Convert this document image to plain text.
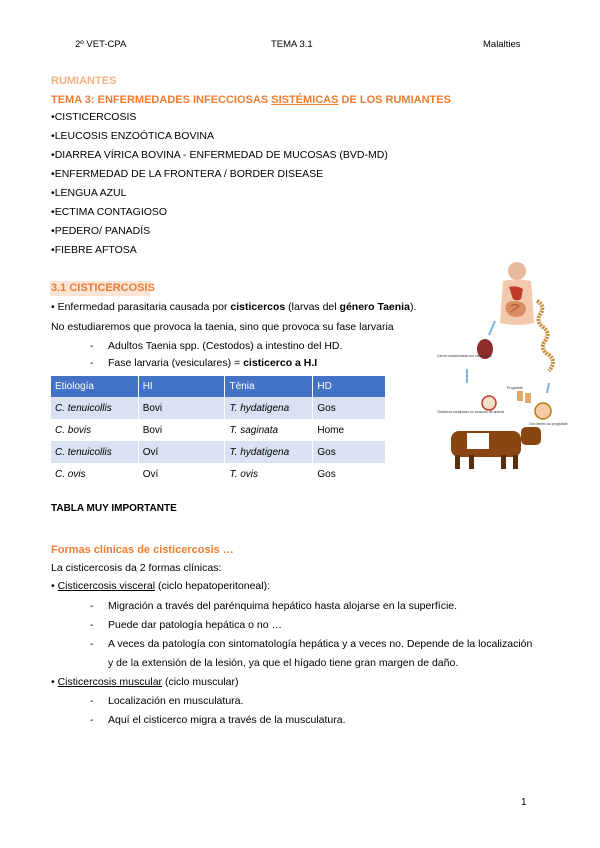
2º VET-CPA	TEMA 3.1	Malalties
RUMIANTES
TEMA 3: ENFERMEDADES INFECCIOSAS SISTÉMICAS DE LOS RUMIANTES
• CISTICERCOSIS
• LEUCOSIS ENZOÓTICA BOVINA
• DIARREA VÍRICA BOVINA - ENFERMEDAD DE MUCOSAS (BVD-MD)
• ENFERMEDAD DE LA FRONTERA / BORDER DISEASE
• LENGUA AZUL
• ECTIMA CONTAGIOSO
• PEDERO/ PANADÍS
• FIEBRE AFTOSA
3.1 CISTICERCOSIS
• Enfermedad parasitaria causada por cisticercos (larvas del género Taenia).
No estudiaremos que provoca la taenia, sino que provoca su fase larvaria
- Adultos Taenia spp. (Cestodos) a intestino del HD.
- Fase larvaria (vesiculares) = cisticerco a H.I
Etiología	HI	Tènia	HD
C. tenuicollis	Bovi	T. hydatigena	Gos
C. bovis	Bovi	T. saginata	Home
C. tenuicollis	Oví	T. hydatigena	Gos
C. ovis	Oví	T. ovis	Gos
TABLA MUY IMPORTANTE
Formas clínicas de cisticercosis …
La cisticercosis da 2 formas clínicas:
• Cisticercosis visceral (ciclo hepatoperitoneal):
- Migración a través del parénquima hepático hasta alojarse en la superfície.
- Puede dar patología hepática o no …
- A veces da patología con sintomatología hepática y a veces no. Depende de la localización
y de la extensión de la lesión, ya que el hígado tiene gran margen de daño.
• Cisticercosis muscular (ciclo muscular)
- Localización en musculatura.
- Aquí el cisticerco migra a través de la musculatura.
Carne contaminada con cisticercos
Proglótide
Ovo dentro do proglótide
Cisticerco localizado no músculo de animal
1
